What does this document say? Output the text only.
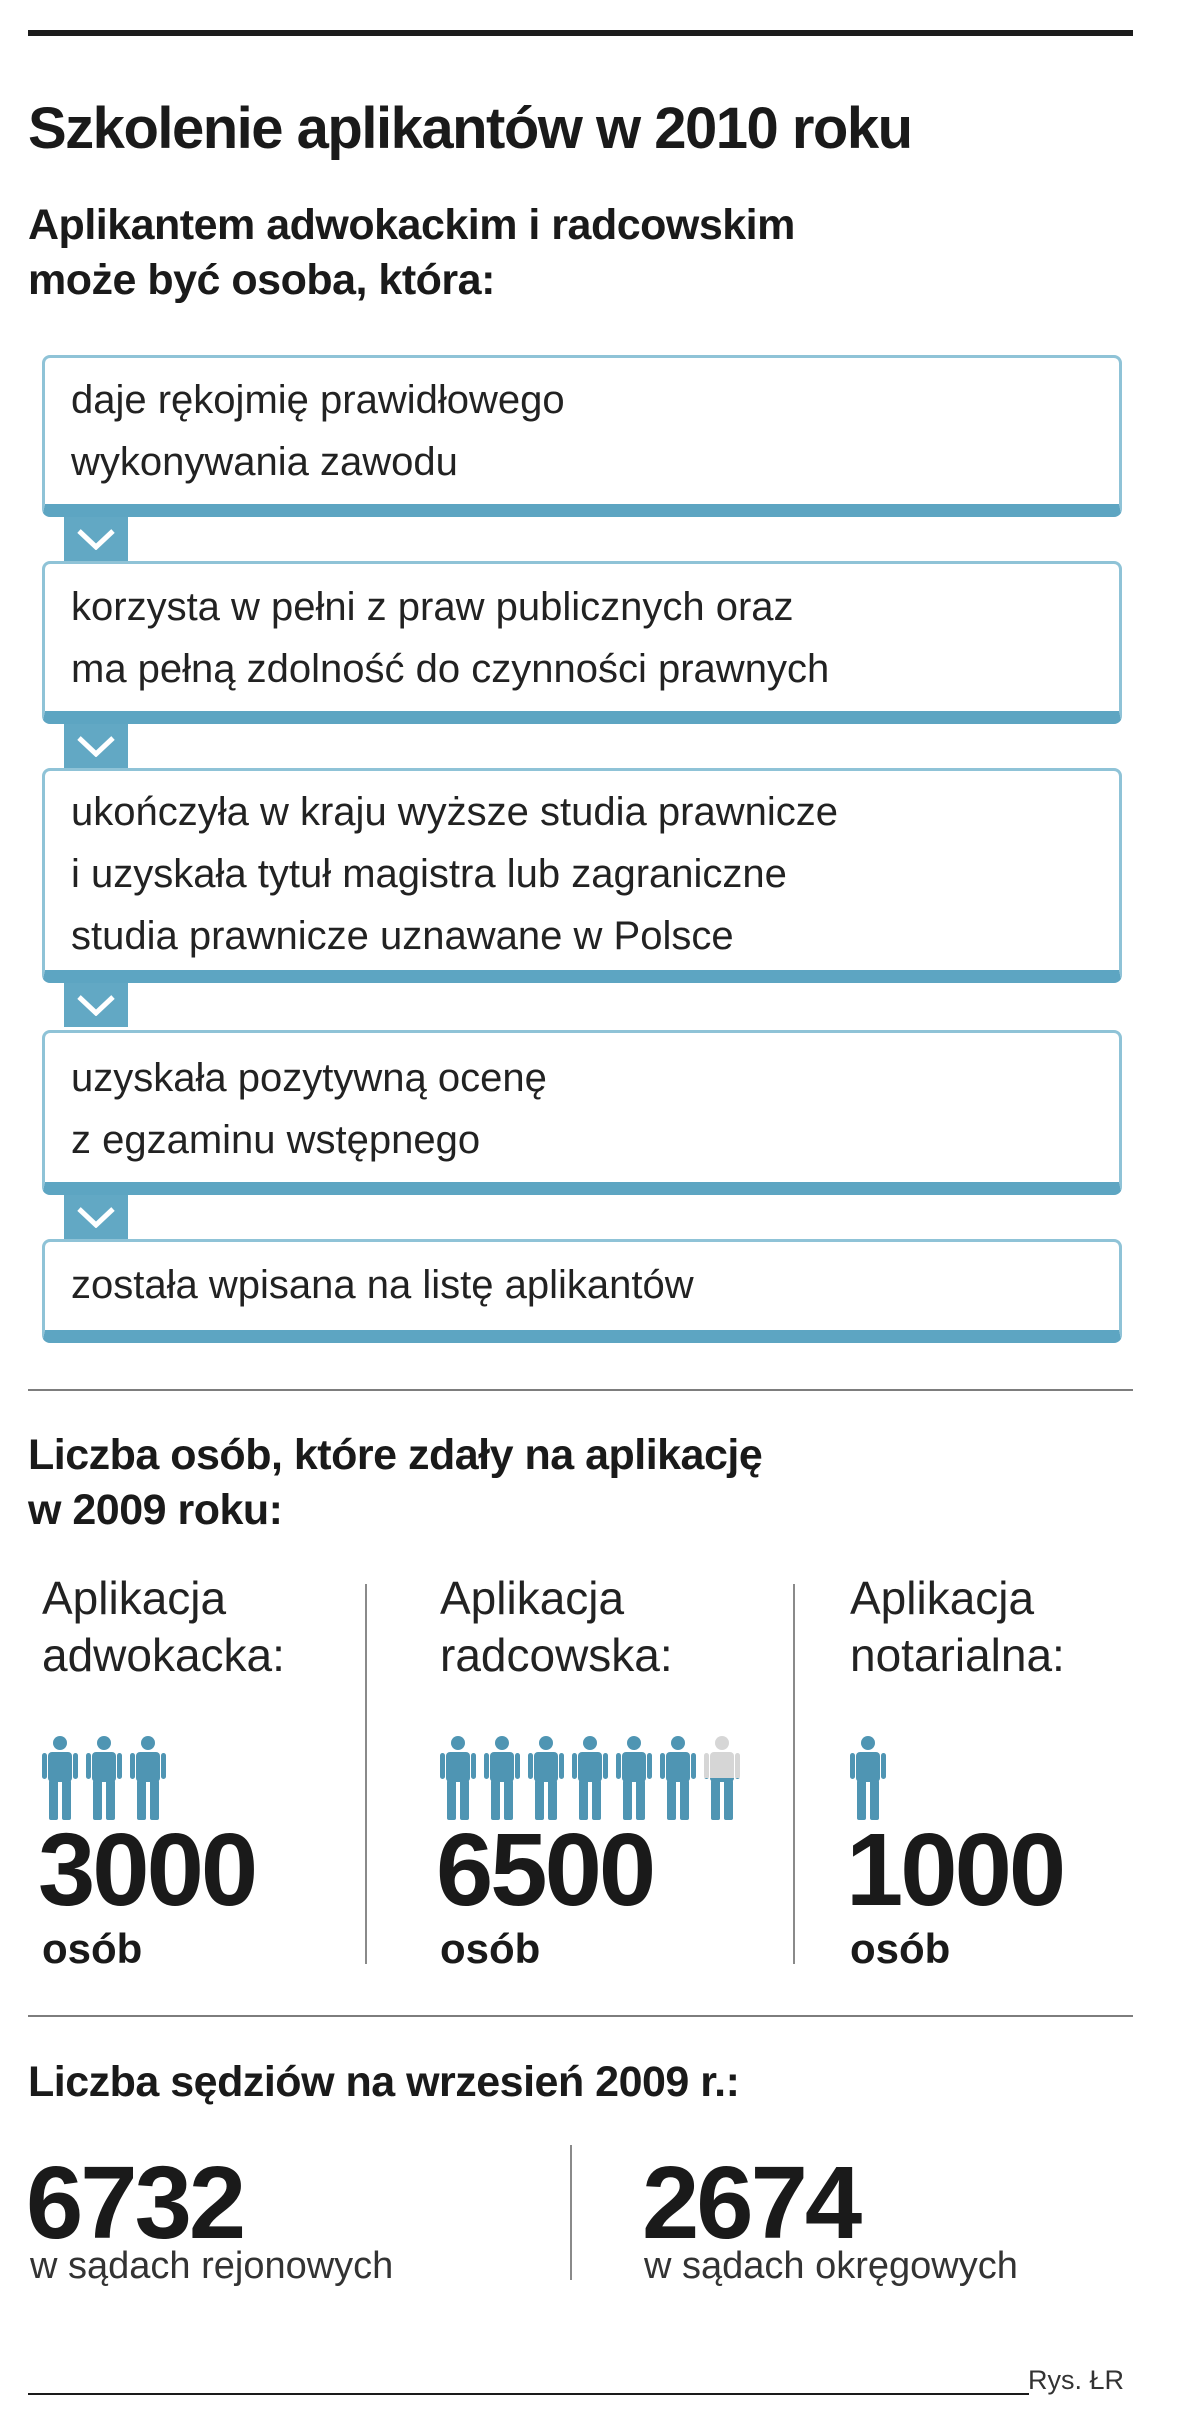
Szkolenie aplikantów w 2010 roku
Aplikantem adwokackim i radcowskim
może być osoba, która:
daje rękojmię prawidłowego
wykonywania zawodu
korzysta w pełni z praw publicznych oraz
ma pełną zdolność do czynności prawnych
ukończyła w kraju wyższe studia prawnicze
i uzyskała tytuł magistra lub zagraniczne
studia prawnicze uznawane w Polsce
uzyskała pozytywną ocenę
z egzaminu wstępnego
została wpisana na listę aplikantów
Liczba osób, które zdały na aplikację
w 2009 roku:
Aplikacja
adwokacka:
3000
osób
Aplikacja
radcowska:
6500
osób
Aplikacja
notarialna:
1000
osób
Liczba sędziów na wrzesień 2009 r.:
6732
w sądach rejonowych
2674
w sądach okręgowych
Rys. ŁR
